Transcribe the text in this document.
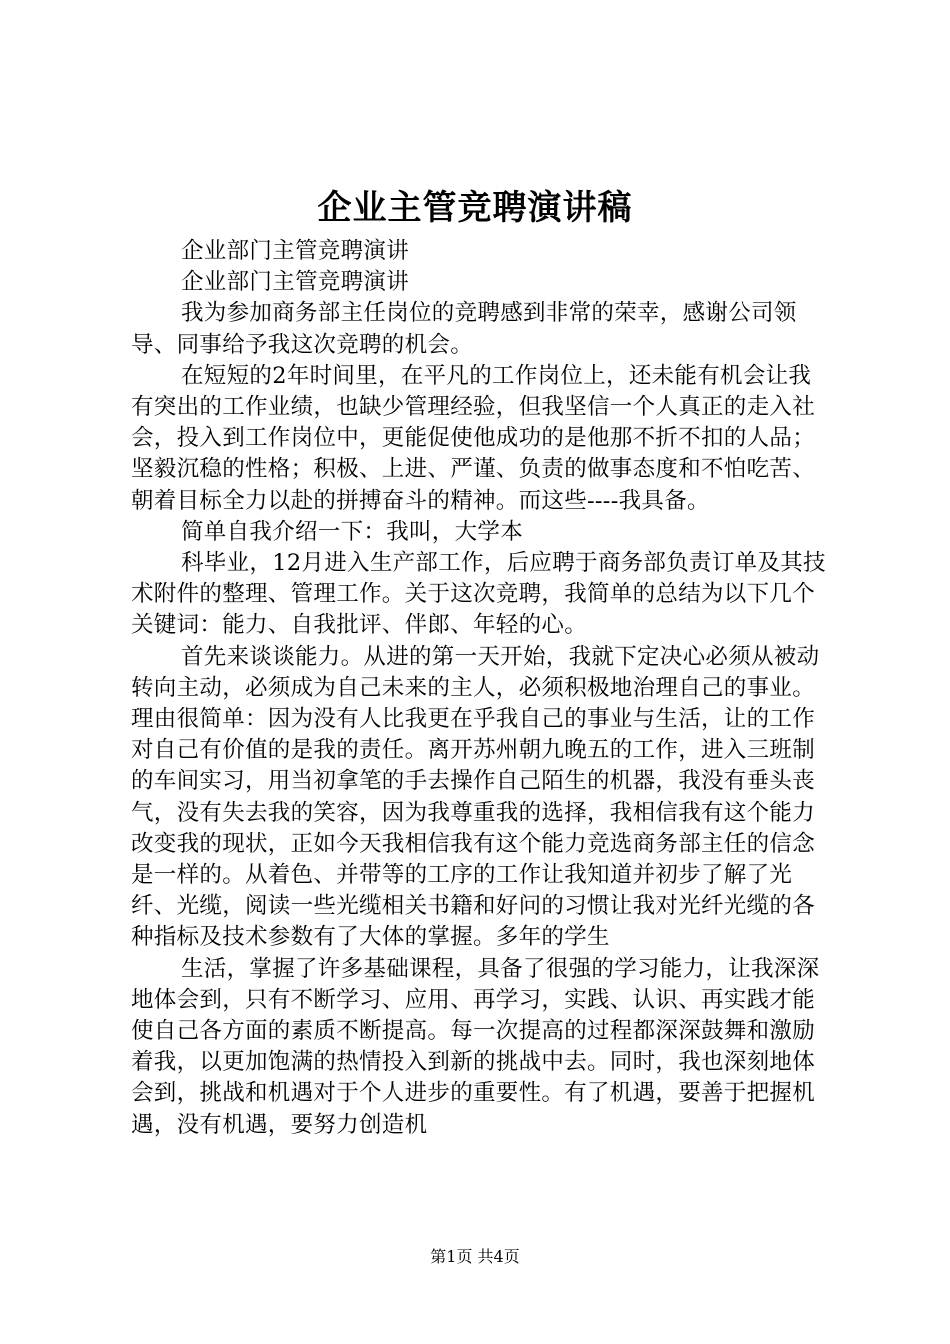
企业主管竞聘演讲稿

企业部门主管竞聘演讲

企业部门主管竞聘演讲

我为参加商务部主任岗位的竞聘感到非常的荣幸，感谢公司领导、同事给予我这次竞聘的机会。

在短短的2年时间里，在平凡的工作岗位上，还未能有机会让我有突出的工作业绩，也缺少管理经验，但我坚信一个人真正的走入社会，投入到工作岗位中，更能促使他成功的是他那不折不扣的人品；坚毅沉稳的性格；积极、上进、严谨、负责的做事态度和不怕吃苦、朝着目标全力以赴的拼搏奋斗的精神。而这些----我具备。

简单自我介绍一下：我叫，大学本

科毕业，12月进入生产部工作，后应聘于商务部负责订单及其技术附件的整理、管理工作。关于这次竞聘，我简单的总结为以下几个关键词：能力、自我批评、伴郎、年轻的心。

首先来谈谈能力。从进的第一天开始，我就下定决心必须从被动转向主动，必须成为自己未来的主人，必须积极地治理自己的事业。理由很简单：因为没有人比我更在乎我自己的事业与生活，让的工作对自己有价值的是我的责任。离开苏州朝九晚五的工作，进入三班制的车间实习，用当初拿笔的手去操作自己陌生的机器，我没有垂头丧气，没有失去我的笑容，因为我尊重我的选择，我相信我有这个能力改变我的现状，正如今天我相信我有这个能力竞选商务部主任的信念是一样的。从着色、并带等的工序的工作让我知道并初步了解了光纤、光缆，阅读一些光缆相关书籍和好问的习惯让我对光纤光缆的各种指标及技术参数有了大体的掌握。多年的学生

生活，掌握了许多基础课程，具备了很强的学习能力，让我深深地体会到，只有不断学习、应用、再学习，实践、认识、再实践才能使自己各方面的素质不断提高。每一次提高的过程都深深鼓舞和激励着我，以更加饱满的热情投入到新的挑战中去。同时，我也深刻地体会到，挑战和机遇对于个人进步的重要性。有了机遇，要善于把握机遇，没有机遇，要努力创造机

第1页 共4页
